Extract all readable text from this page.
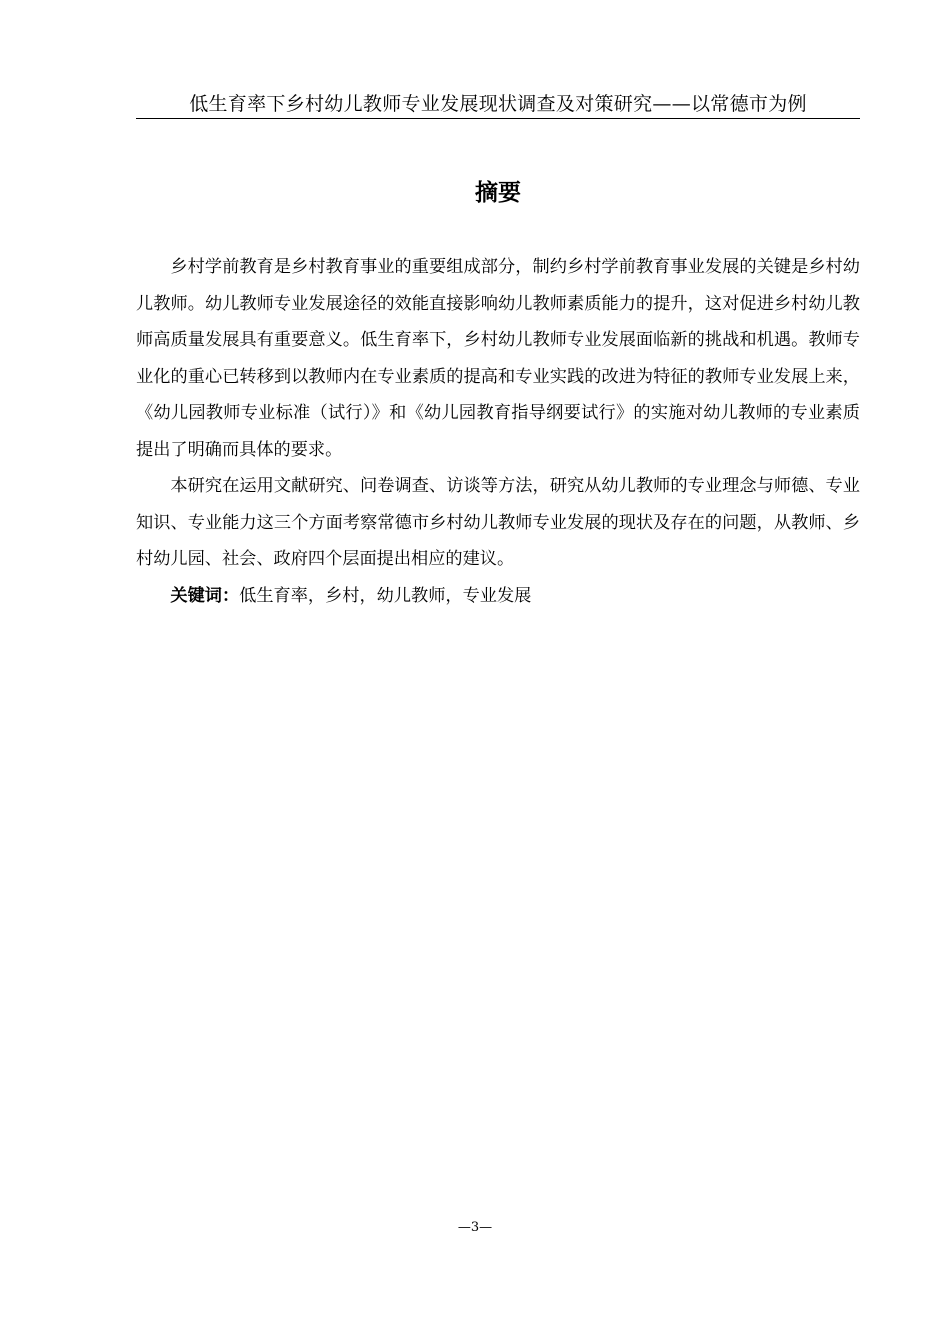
低生育率下乡村幼儿教师专业发展现状调查及对策研究——以常德市为例
摘要

乡村学前教育是乡村教育事业的重要组成部分，制约乡村学前教育事业发展的关键是乡村幼儿教师。幼儿教师专业发展途径的效能直接影响幼儿教师素质能力的提升，这对促进乡村幼儿教师高质量发展具有重要意义。低生育率下，乡村幼儿教师专业发展面临新的挑战和机遇。教师专业化的重心已转移到以教师内在专业素质的提高和专业实践的改进为特征的教师专业发展上来，《幼儿园教师专业标准（试行）》和《幼儿园教育指导纲要试行》的实施对幼儿教师的专业素质提出了明确而具体的要求。

本研究在运用文献研究、问卷调查、访谈等方法，研究从幼儿教师的专业理念与师德、专业知识、专业能力这三个方面考察常德市乡村幼儿教师专业发展的现状及存在的问题，从教师、乡村幼儿园、社会、政府四个层面提出相应的建议。

关键词：低生育率，乡村，幼儿教师，专业发展

—3—
